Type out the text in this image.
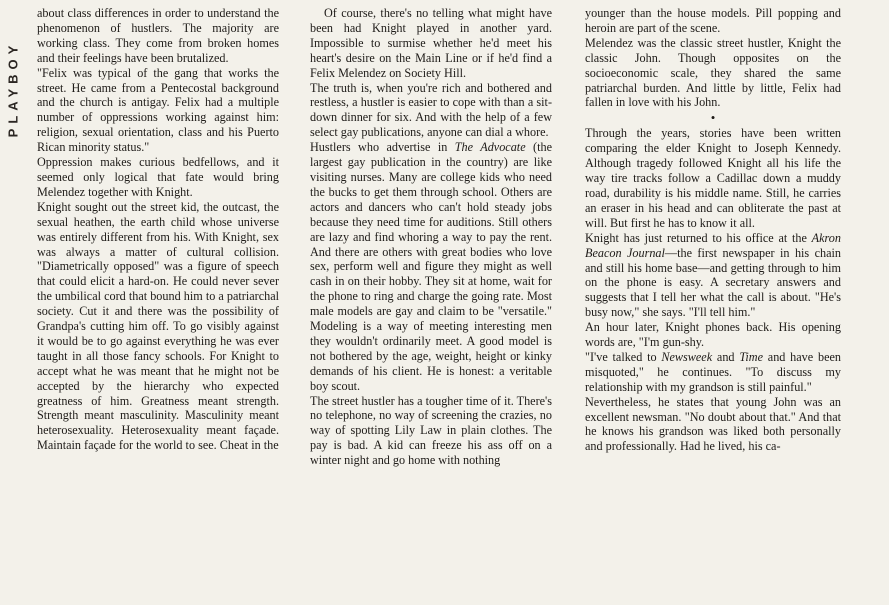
PLAYBOY

about class differences in order to understand the phenomenon of hustlers. The majority are working class. They come from broken homes and their feelings have been brutalized.

"Felix was typical of the gang that works the street. He came from a Pentecostal background and the church is antigay. Felix had a multiple number of oppressions working against him: religion, sexual orientation, class and his Puerto Rican minority status."

Oppression makes curious bedfellows, and it seemed only logical that fate would bring Melendez together with Knight.

Knight sought out the street kid, the outcast, the sexual heathen, the earth child whose universe was entirely different from his. With Knight, sex was always a matter of cultural collision. "Diametrically opposed" was a figure of speech that could elicit a hard-on. He could never sever the umbilical cord that bound him to a patriarchal society. Cut it and there was the possibility of Grandpa's cutting him off. To go visibly against it would be to go against everything he was ever taught in all those fancy schools. For Knight to accept what he was meant that he might not be accepted by the hierarchy who expected greatness of him. Greatness meant strength. Strength meant masculinity. Masculinity meant heterosexuality. Heterosexuality meant façade. Maintain façade for the world to see. Cheat in the

Of course, there's no telling what might have been had Knight played in another yard. Impossible to surmise whether he'd meet his heart's desire on the Main Line or if he'd find a Felix Melendez on Society Hill.

The truth is, when you're rich and bothered and restless, a hustler is easier to cope with than a sit-down dinner for six. And with the help of a few select gay publications, anyone can dial a whore.

Hustlers who advertise in The Advocate (the largest gay publication in the country) are like visiting nurses. Many are college kids who need the bucks to get them through school. Others are actors and dancers who can't hold steady jobs because they need time for auditions. Still others are lazy and find whoring a way to pay the rent. And there are others with great bodies who love sex, perform well and figure they might as well cash in on their hobby. They sit at home, wait for the phone to ring and charge the going rate. Most male models are gay and claim to be "versatile." Modeling is a way of meeting interesting men they wouldn't ordinarily meet. A good model is not bothered by the age, weight, height or kinky demands of his client. He is honest: a veritable boy scout.

The street hustler has a tougher time of it. There's no telephone, no way of screening the crazies, no way of spotting Lily Law in plain clothes. The pay is bad. A kid can freeze his ass off on a winter night and go home with nothing

younger than the house models. Pill popping and heroin are part of the scene.

Melendez was the classic street hustler, Knight the classic John. Though opposites on the socioeconomic scale, they shared the same patriarchal burden. And little by little, Felix had fallen in love with his John.

•

Through the years, stories have been written comparing the elder Knight to Joseph Kennedy. Although tragedy followed Knight all his life the way tire tracks follow a Cadillac down a muddy road, durability is his middle name. Still, he carries an eraser in his head and can obliterate the past at will. But first he has to know it all.

Knight has just returned to his office at the Akron Beacon Journal—the first newspaper in his chain and still his home base—and getting through to him on the phone is easy. A secretary answers and suggests that I tell her what the call is about. "He's busy now," she says. "I'll tell him."

An hour later, Knight phones back. His opening words are, "I'm gun-shy.

"I've talked to Newsweek and Time and have been misquoted," he continues. "To discuss my relationship with my grandson is still painful."

Nevertheless, he states that young John was an excellent newsman. "No doubt about that." And that he knows his grandson was liked both personally and professionally. Had he lived, his ca-
